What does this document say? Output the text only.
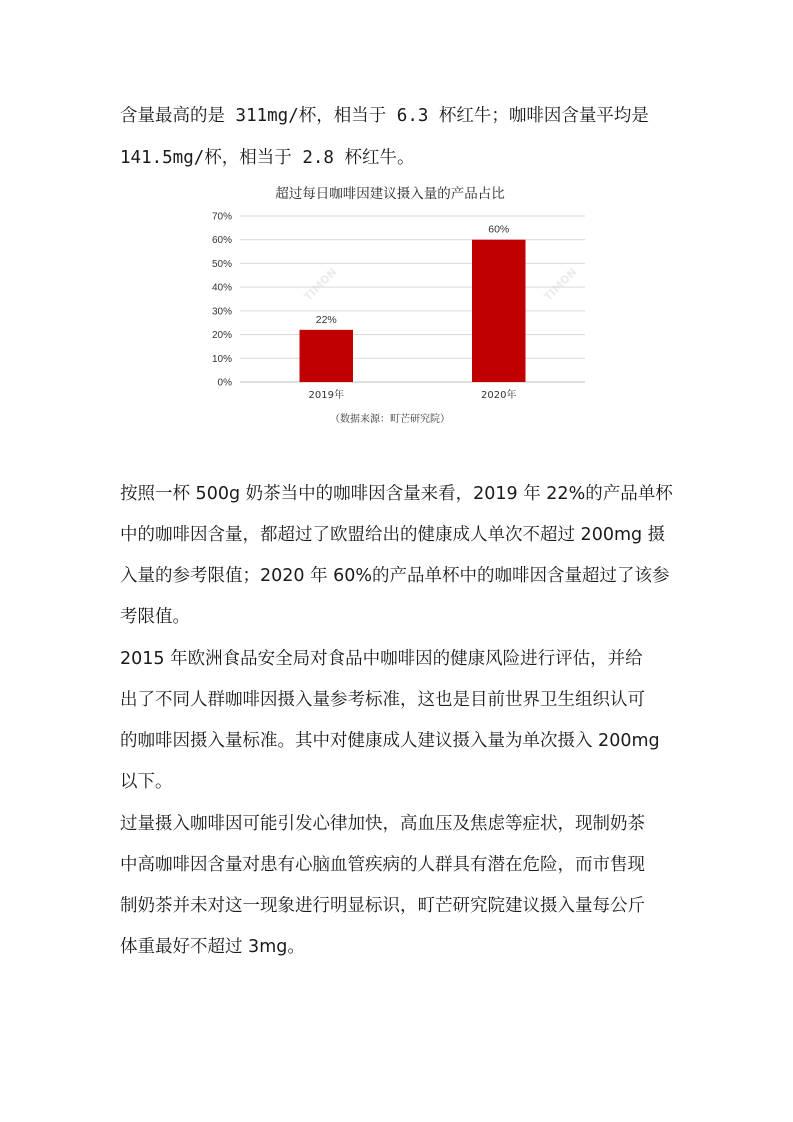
含量最高的是 311mg/杯，相当于 6.3 杯红牛；咖啡因含量平均是
141.5mg/杯，相当于 2.8 杯红牛。
TIMON	TIMON
超过每日咖啡因建议摄入量的产品占比
0%
10%
20%
30%
40%
50%
60%
70%
22%
2019年
60%
2020年
（数据来源：町芒研究院）
按照一杯 500g 奶茶当中的咖啡因含量来看，2019 年 22%的产品单杯
中的咖啡因含量，都超过了欧盟给出的健康成人单次不超过 200mg 摄
入量的参考限值；2020 年 60%的产品单杯中的咖啡因含量超过了该参
考限值。
2015 年欧洲食品安全局对食品中咖啡因的健康风险进行评估，并给
出了不同人群咖啡因摄入量参考标准，这也是目前世界卫生组织认可
的咖啡因摄入量标准。其中对健康成人建议摄入量为单次摄入 200mg
以下。
过量摄入咖啡因可能引发心律加快，高血压及焦虑等症状，现制奶茶
中高咖啡因含量对患有心脑血管疾病的人群具有潜在危险，而市售现
制奶茶并未对这一现象进行明显标识，町芒研究院建议摄入量每公斤
体重最好不超过 3mg。
